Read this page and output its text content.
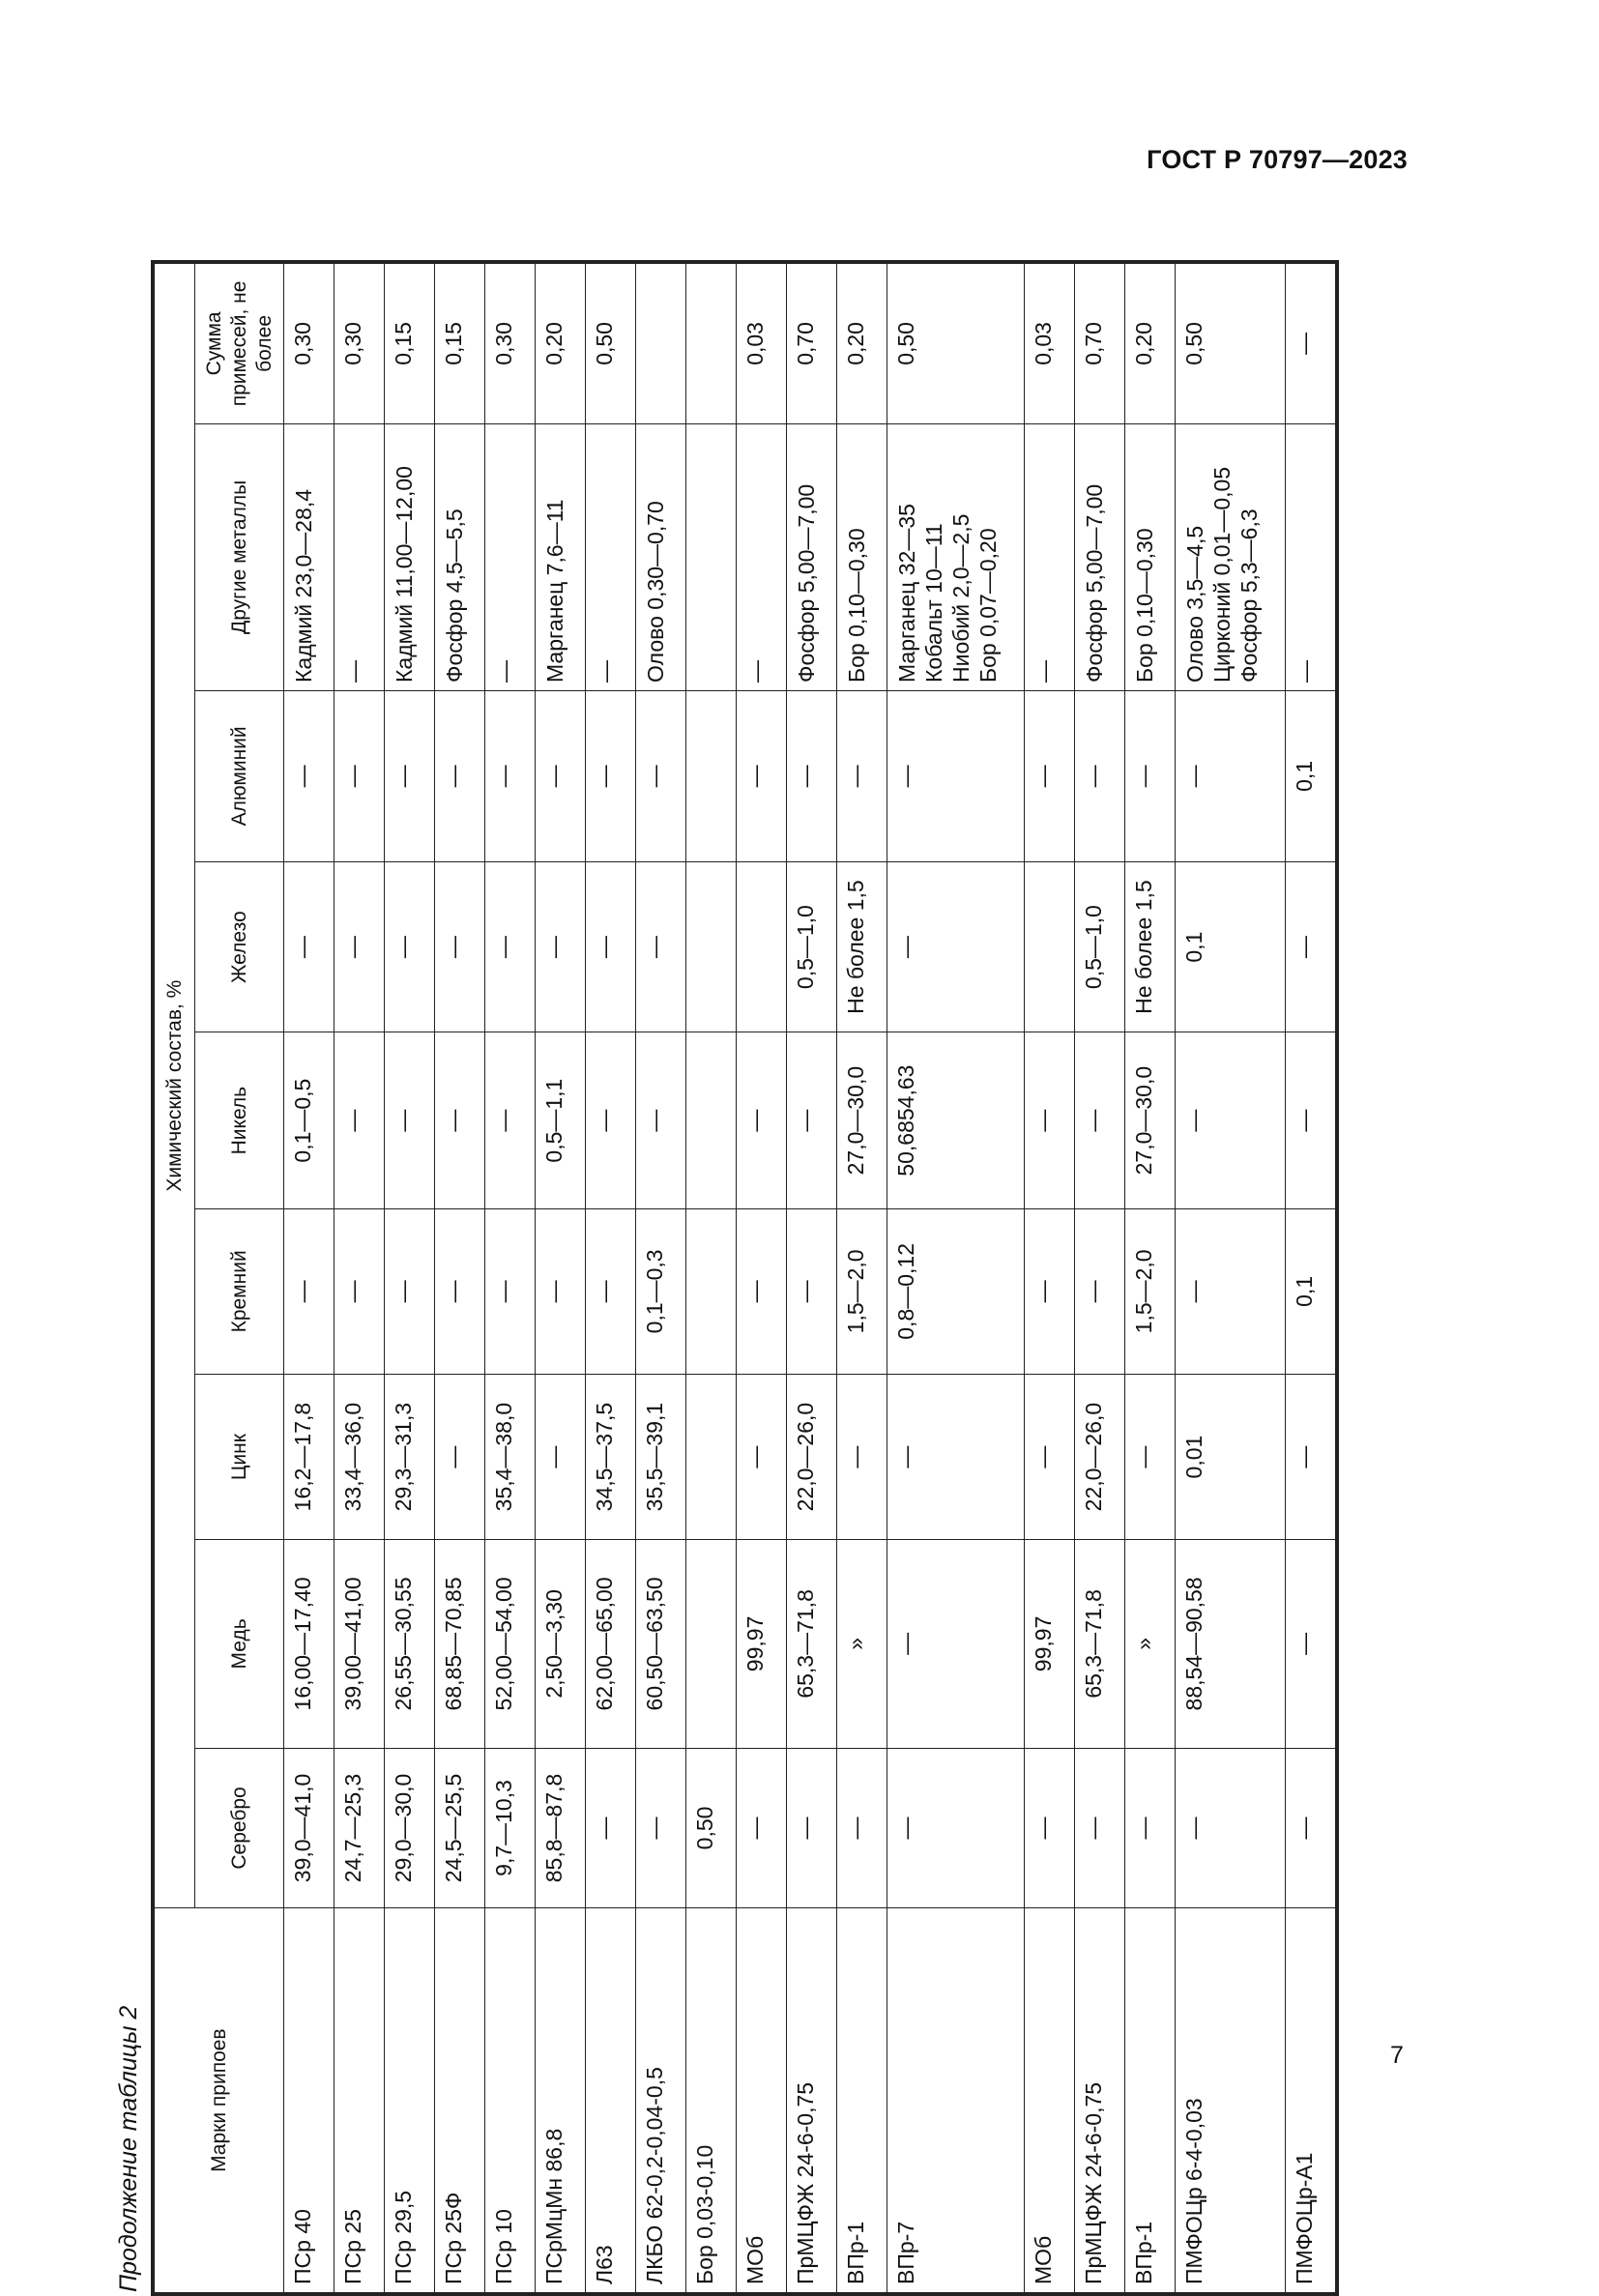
ГОСТ Р 70797—2023
Продолжение таблицы 2	Марки припоев	Химический состав, %								
	Серебро	Медь	Цинк	Кремний	Никель	Железо	Алюминий	Другие металлы	Сумма примесей, не более
ПСр 40	39,0—41,0	16,00—17,40	16,2—17,8	—	0,1—0,5	—	—	Кадмий 23,0—28,4	0,30
ПСр 25	24,7—25,3	39,00—41,00	33,4—36,0	—	—	—	—	—	0,30
ПСр 29,5	29,0—30,0	26,55—30,55	29,3—31,3	—	—	—	—	Кадмий 11,00—12,00	0,15
ПСр 25Ф	24,5—25,5	68,85—70,85	—	—	—	—	—	Фосфор 4,5—5,5	0,15
ПСр 10	9,7—10,3	52,00—54,00	35,4—38,0	—	—	—	—	—	0,30
ПСрМцМн 86,8	85,8—87,8	2,50—3,30	—	—	0,5—1,1	—	—	Марганец 7,6—11	0,20
Л63	—	62,00—65,00	34,5—37,5	—	—	—	—	—	0,50
ЛКБО 62-0,2-0,04-0,5	—	60,50—63,50	35,5—39,1	0,1—0,3	—	—	—	Олово 0,30—0,70	
Бор 0,03-0,10	0,50								
МОб	—	99,97	—	—	—		—	—	0,03
ПрМЦФЖ 24-6-0,75	—	65,3—71,8	22,0—26,0	—	—	0,5—1,0	—	Фосфор 5,00—7,00	0,70
ВПр-1	—	»	—	1,5—2,0	27,0—30,0	Не более 1,5	—	Бор 0,10—0,30	0,20
ВПр-7	—	—	—	0,8—0,12	50,6854,63	—	—	Марганец 32—35
Кобальт 10—11
Ниобий 2,0—2,5
Бор 0,07—0,20	0,50
МОб	—	99,97	—	—	—		—	—	0,03
ПрМЦФЖ 24-6-0,75	—	65,3—71,8	22,0—26,0	—	—	0,5—1,0	—	Фосфор 5,00—7,00	0,70
ВПр-1	—	»	—	1,5—2,0	27,0—30,0	Не более 1,5	—	Бор 0,10—0,30	0,20
ПМФОЦр 6-4-0,03	—	88,54—90,58	0,01	—	—	0,1	—	Олово 3,5—4,5
Цирконий 0,01—0,05
Фосфор 5,3—6,3	0,50
ПМФОЦр-А1	—	—	—	0,1	—	—	0,1	—	—
7
